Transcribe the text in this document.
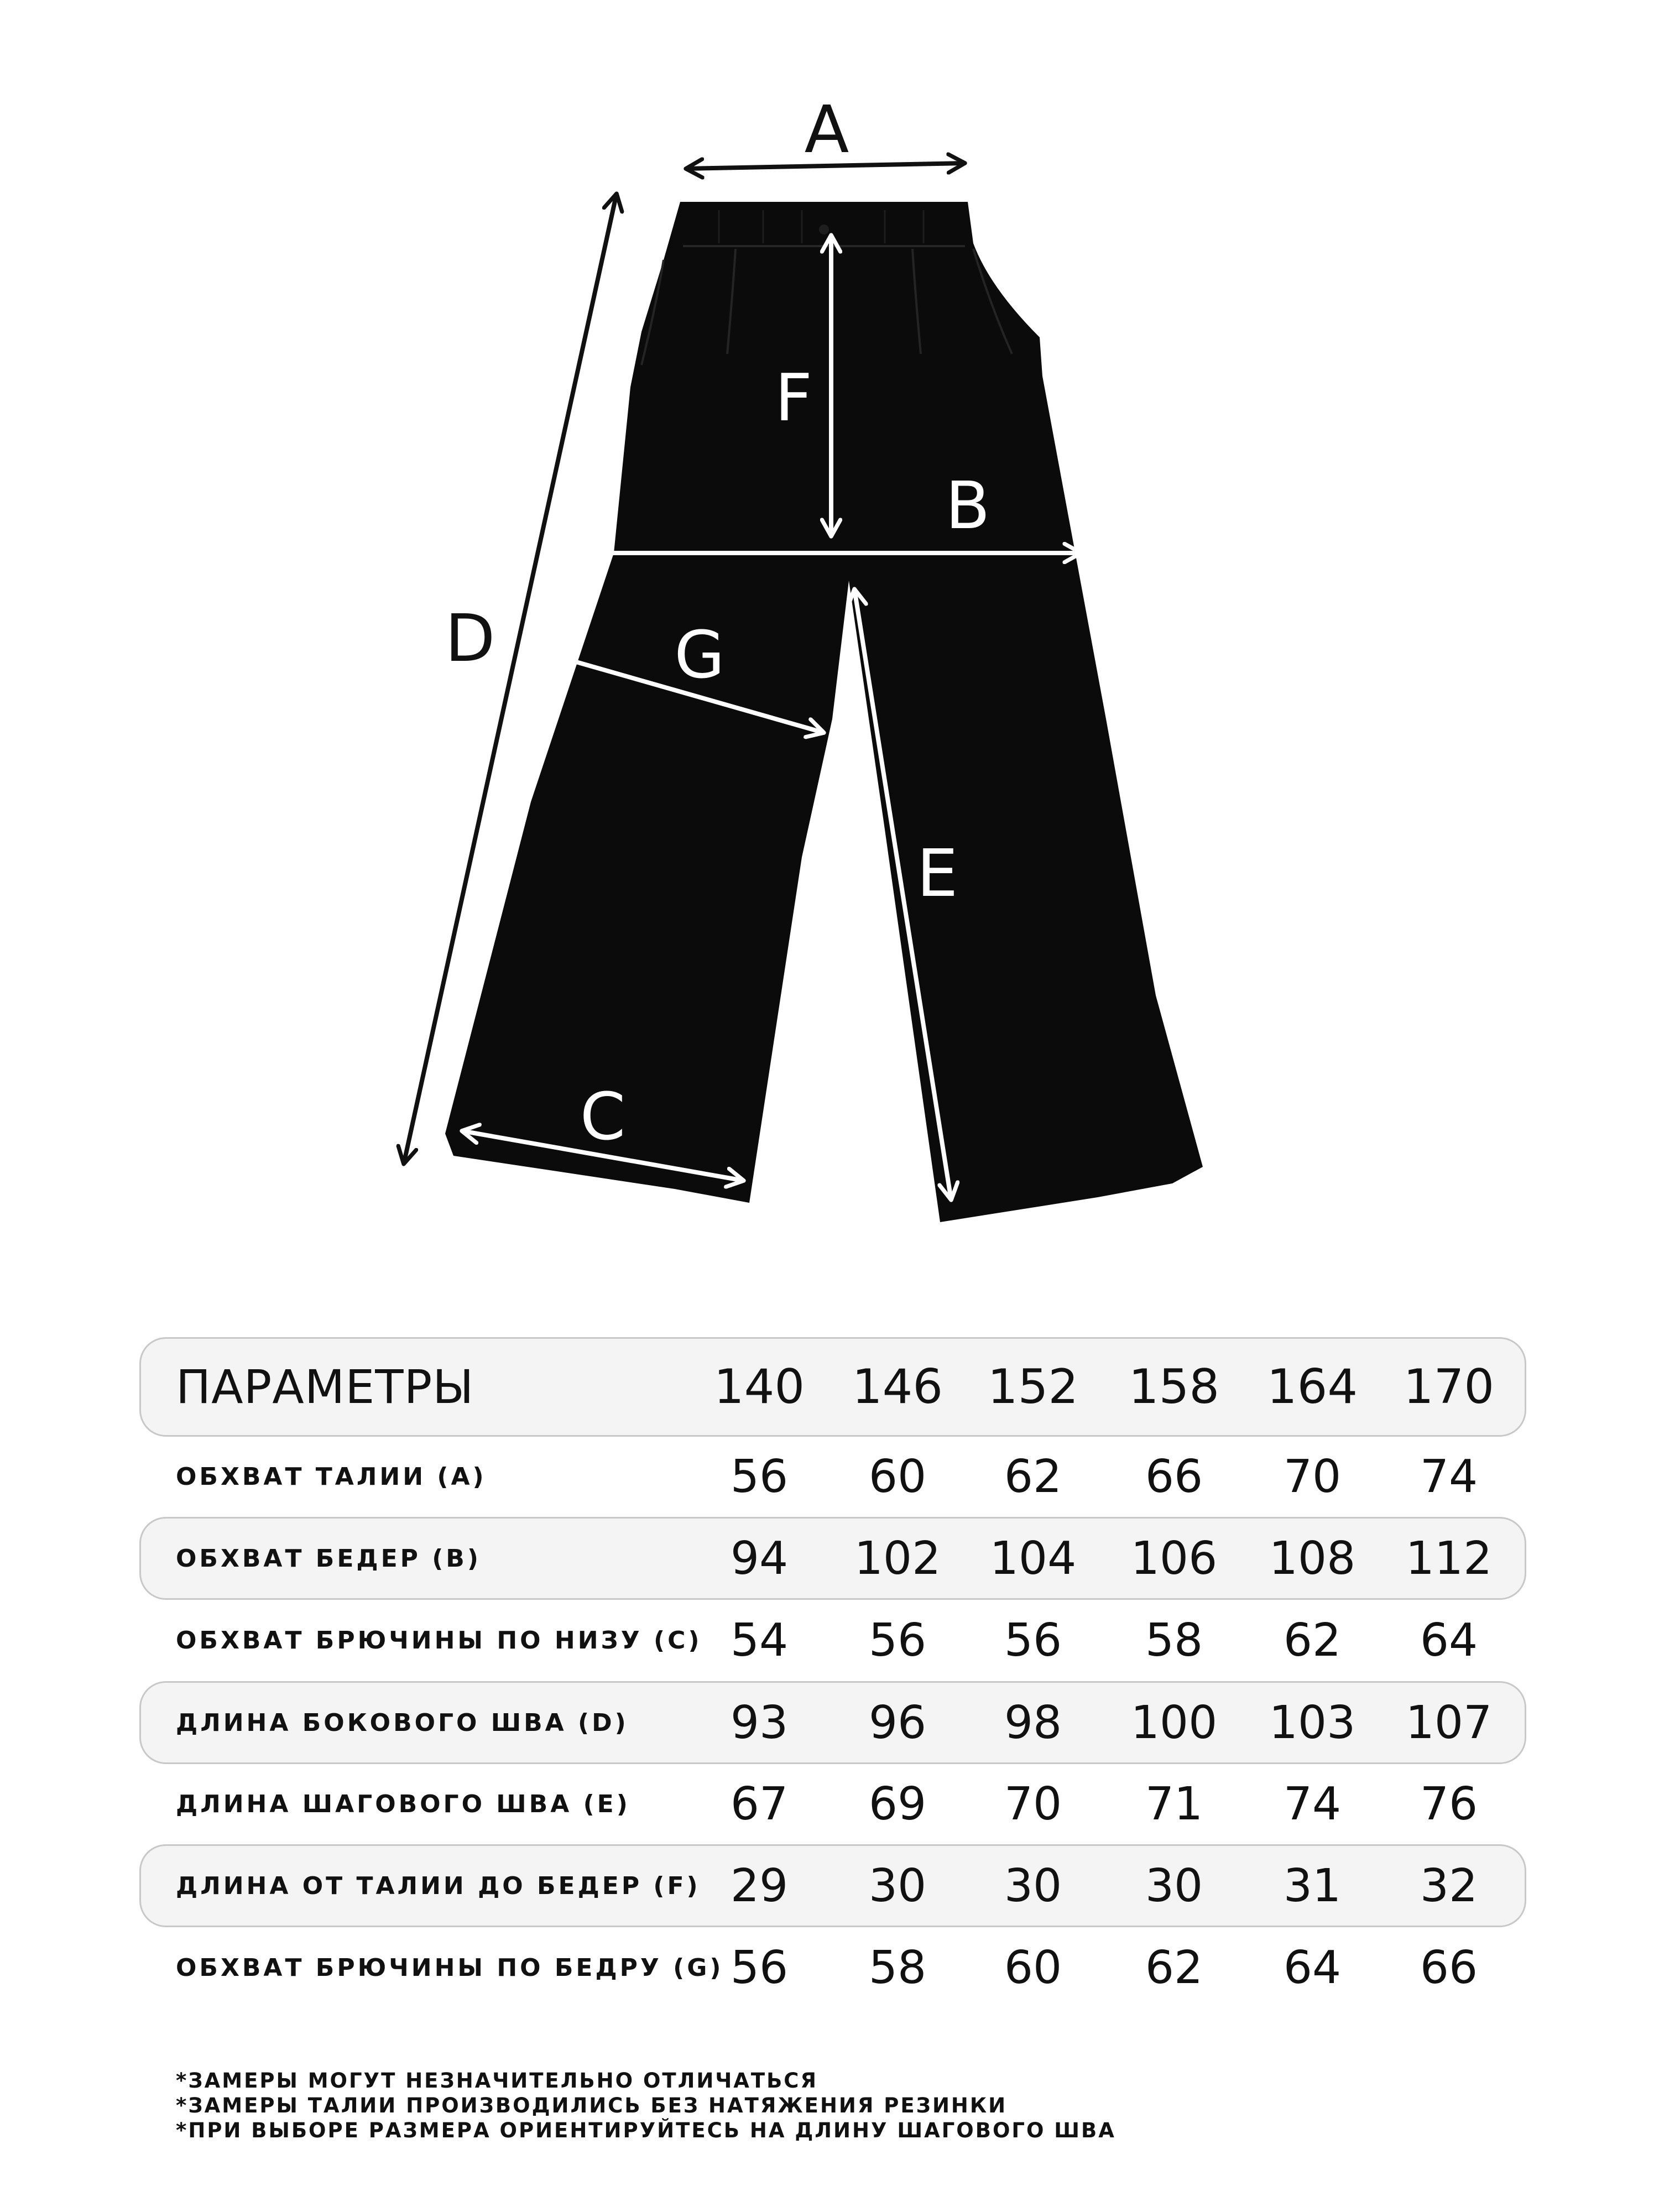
A
D
F
B
G
E
C
ПАРАМЕТРЫ	140 146 152 158 164 170
ОБХВАТ ТАЛИИ (A)	56	60	62	66	70	74
ОБХВАТ БЕДЕР (B)	94	102 104 106 108 112
ОБХВАТ БРЮЧИНЫ ПО НИЗУ (C) 54	56	56	58	62	64
ДЛИНА БОКОВОГО ШВА (D)	93	96	98	100 103 107
ДЛИНА ШАГОВОГО ШВА (E)	67	69	70	71	74	76
ДЛИНА ОТ ТАЛИИ ДО БЕДЕР (F) 29	30	30	30	31	32
ОБХВАТ БРЮЧИНЫ ПО БЕДРУ (G) 56	58	60	62	64	66
*ЗАМЕРЫ МОГУТ НЕЗНАЧИТЕЛЬНО ОТЛИЧАТЬСЯ
*ЗАМЕРЫ ТАЛИИ ПРОИЗВОДИЛИСЬ БЕЗ НАТЯЖЕНИЯ РЕЗИНКИ
*ПРИ ВЫБОРЕ РАЗМЕРА ОРИЕНТИРУЙТЕСЬ НА ДЛИНУ ШАГОВОГО ШВА
